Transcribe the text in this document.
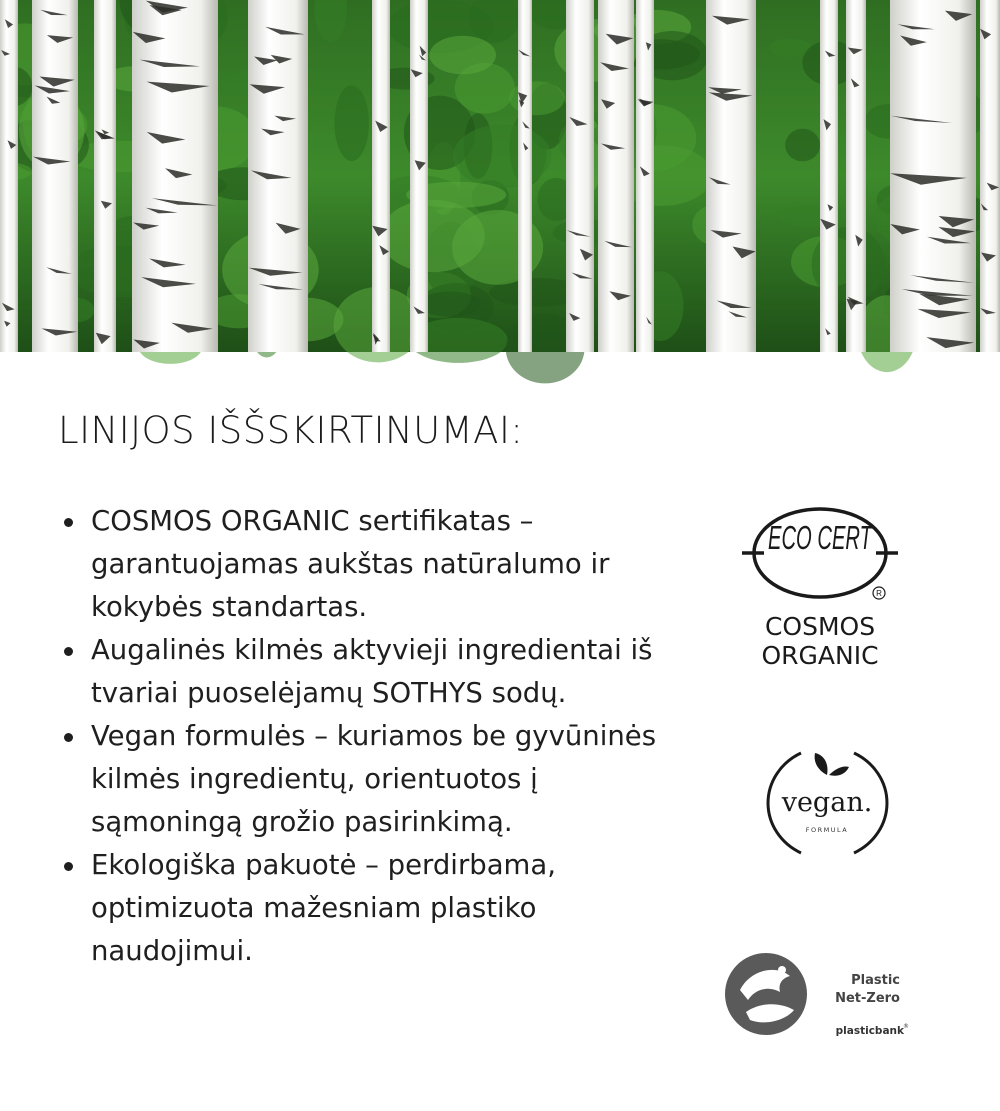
LINIJOS IŠŠSKIRTINUMAI:
COSMOS ORGANIC sertifikatas – garantuojamas aukštas natūralumo ir kokybės standartas.
Augalinės kilmės aktyvieji ingredientai iš tvariai puoselėjamų SOTHYS sodų.
Vegan formulės – kuriamos be gyvūninės kilmės ingredientų, orientuotos į sąmoningą grožio pasirinkimą.
Ekologiška pakuotė – perdirbama, optimizuota mažesniam plastiko naudojimui.
ECO CERT
R
COSMOS
ORGANIC
vegan.
FORMULA
Plastic
Net-Zero
plasticbank ®
